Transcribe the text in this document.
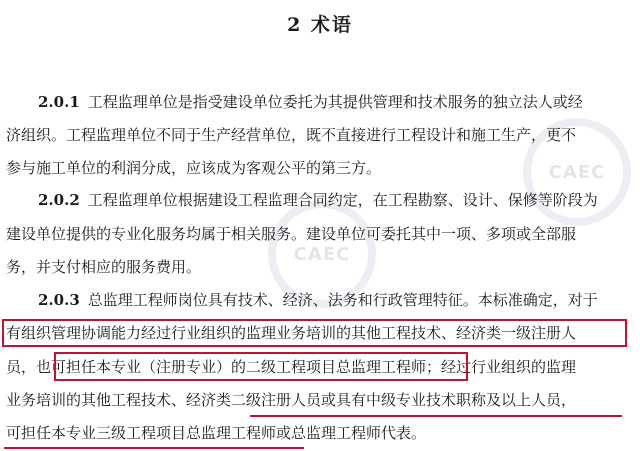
CAEC
CAEC
2 术语
2.0.1 工程监理单位是指受建设单位委托为其提供管理和技术服务的独立法人或经
济组织。工程监理单位不同于生产经营单位，既不直接进行工程设计和施工生产，更不
参与施工单位的利润分成，应该成为客观公平的第三方。
2.0.2 工程监理单位根据建设工程监理合同约定，在工程勘察、设计、保修等阶段为
建设单位提供的专业化服务均属于相关服务。建设单位可委托其中一项、多项或全部服
务，并支付相应的服务费用。
2.0.3 总监理工程师岗位具有技术、经济、法务和行政管理特征。本标准确定，对于
有组织管理协调能力经过行业组织的监理业务培训的其他工程技术、经济类一级注册人
员，也可担任本专业（注册专业）的二级工程项目总监理工程师；经过行业组织的监理
业务培训的其他工程技术、经济类二级注册人员或具有中级专业技术职称及以上人员，
可担任本专业三级工程项目总监理工程师或总监理工程师代表。
